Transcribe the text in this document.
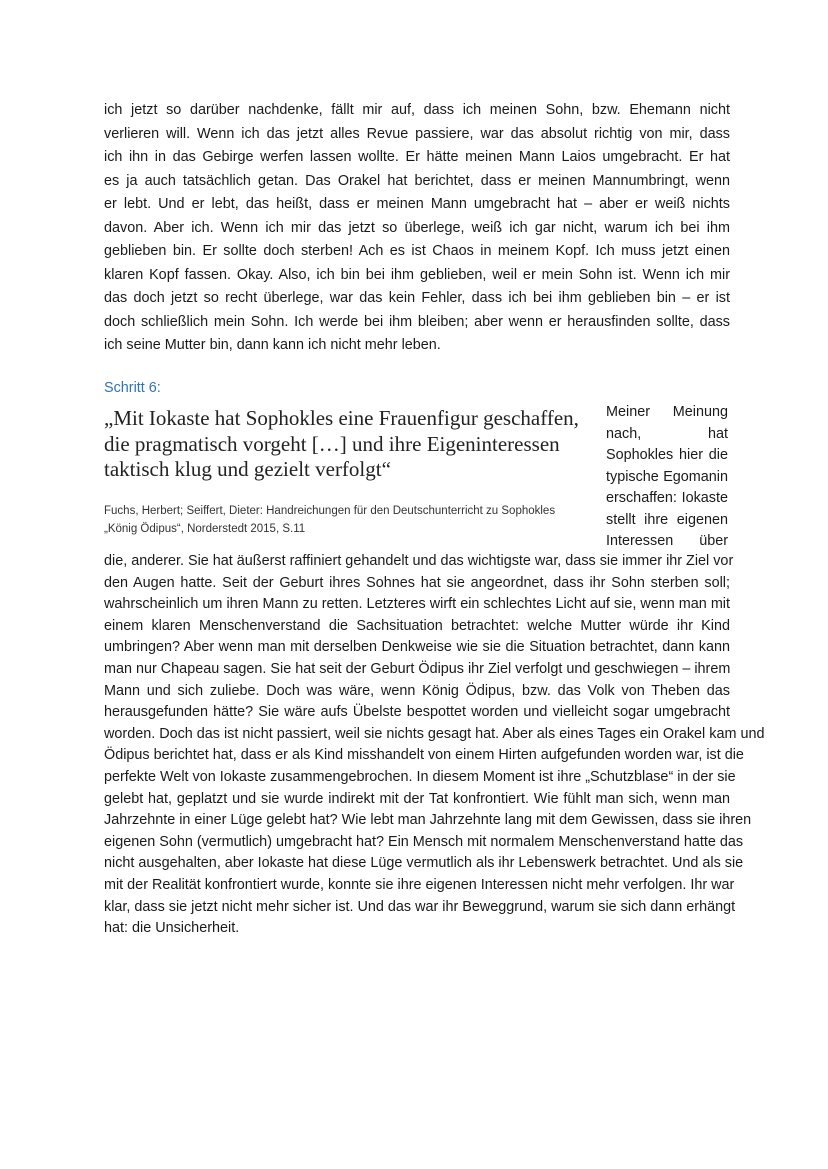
ich jetzt so darüber nachdenke, fällt mir auf, dass ich meinen Sohn, bzw. Ehemann nicht
verlieren will. Wenn ich das jetzt alles Revue passiere, war das absolut richtig von mir, dass
ich ihn in das Gebirge werfen lassen wollte. Er hätte meinen Mann Laios umgebracht. Er hat
es ja auch tatsächlich getan. Das Orakel hat berichtet, dass er meinen Mannumbringt, wenn
er lebt. Und er lebt, das heißt, dass er meinen Mann umgebracht hat – aber er weiß nichts
davon. Aber ich. Wenn ich mir das jetzt so überlege, weiß ich gar nicht, warum ich bei ihm
geblieben bin. Er sollte doch sterben! Ach es ist Chaos in meinem Kopf. Ich muss jetzt einen
klaren Kopf fassen. Okay. Also, ich bin bei ihm geblieben, weil er mein Sohn ist. Wenn ich mir
das doch jetzt so recht überlege, war das kein Fehler, dass ich bei ihm geblieben bin – er ist
doch schließlich mein Sohn. Ich werde bei ihm bleiben; aber wenn er herausfinden sollte, dass
ich seine Mutter bin, dann kann ich nicht mehr leben.
Schritt 6:

„Mit Iokaste hat Sophokles eine Frauenfigur geschaffen, die pragmatisch vorgeht […] und ihre Eigeninteressen taktisch klug und gezielt verfolgt“

Fuchs, Herbert; Seiffert, Dieter: Handreichungen für den Deutschunterricht zu Sophokles
„König Ödipus“, Norderstedt 2015, S.11
Meiner Meinung
nach, hat
Sophokles hier die
typische Egomanin
erschaffen: Iokaste
stellt ihre eigenen
Interessen über
die, anderer. Sie hat äußerst raffiniert gehandelt und das wichtigste war, dass sie immer ihr Ziel vor
den Augen hatte. Seit der Geburt ihres Sohnes hat sie angeordnet, dass ihr Sohn sterben soll;
wahrscheinlich um ihren Mann zu retten. Letzteres wirft ein schlechtes Licht auf sie, wenn man mit
einem klaren Menschenverstand die Sachsituation betrachtet: welche Mutter würde ihr Kind
umbringen? Aber wenn man mit derselben Denkweise wie sie die Situation betrachtet, dann kann
man nur Chapeau sagen. Sie hat seit der Geburt Ödipus ihr Ziel verfolgt und geschwiegen – ihrem
Mann und sich zuliebe. Doch was wäre, wenn König Ödipus, bzw. das Volk von Theben das
herausgefunden hätte? Sie wäre aufs Übelste bespottet worden und vielleicht sogar umgebracht
worden. Doch das ist nicht passiert, weil sie nichts gesagt hat. Aber als eines Tages ein Orakel kam und
Ödipus berichtet hat, dass er als Kind misshandelt von einem Hirten aufgefunden worden war, ist die
perfekte Welt von Iokaste zusammengebrochen. In diesem Moment ist ihre „Schutzblase“ in der sie
gelebt hat, geplatzt und sie wurde indirekt mit der Tat konfrontiert. Wie fühlt man sich, wenn man
Jahrzehnte in einer Lüge gelebt hat? Wie lebt man Jahrzehnte lang mit dem Gewissen, dass sie ihren
eigenen Sohn (vermutlich) umgebracht hat? Ein Mensch mit normalem Menschenverstand hatte das
nicht ausgehalten, aber Iokaste hat diese Lüge vermutlich als ihr Lebenswerk betrachtet. Und als sie
mit der Realität konfrontiert wurde, konnte sie ihre eigenen Interessen nicht mehr verfolgen. Ihr war
klar, dass sie jetzt nicht mehr sicher ist. Und das war ihr Beweggrund, warum sie sich dann erhängt
hat: die Unsicherheit.
